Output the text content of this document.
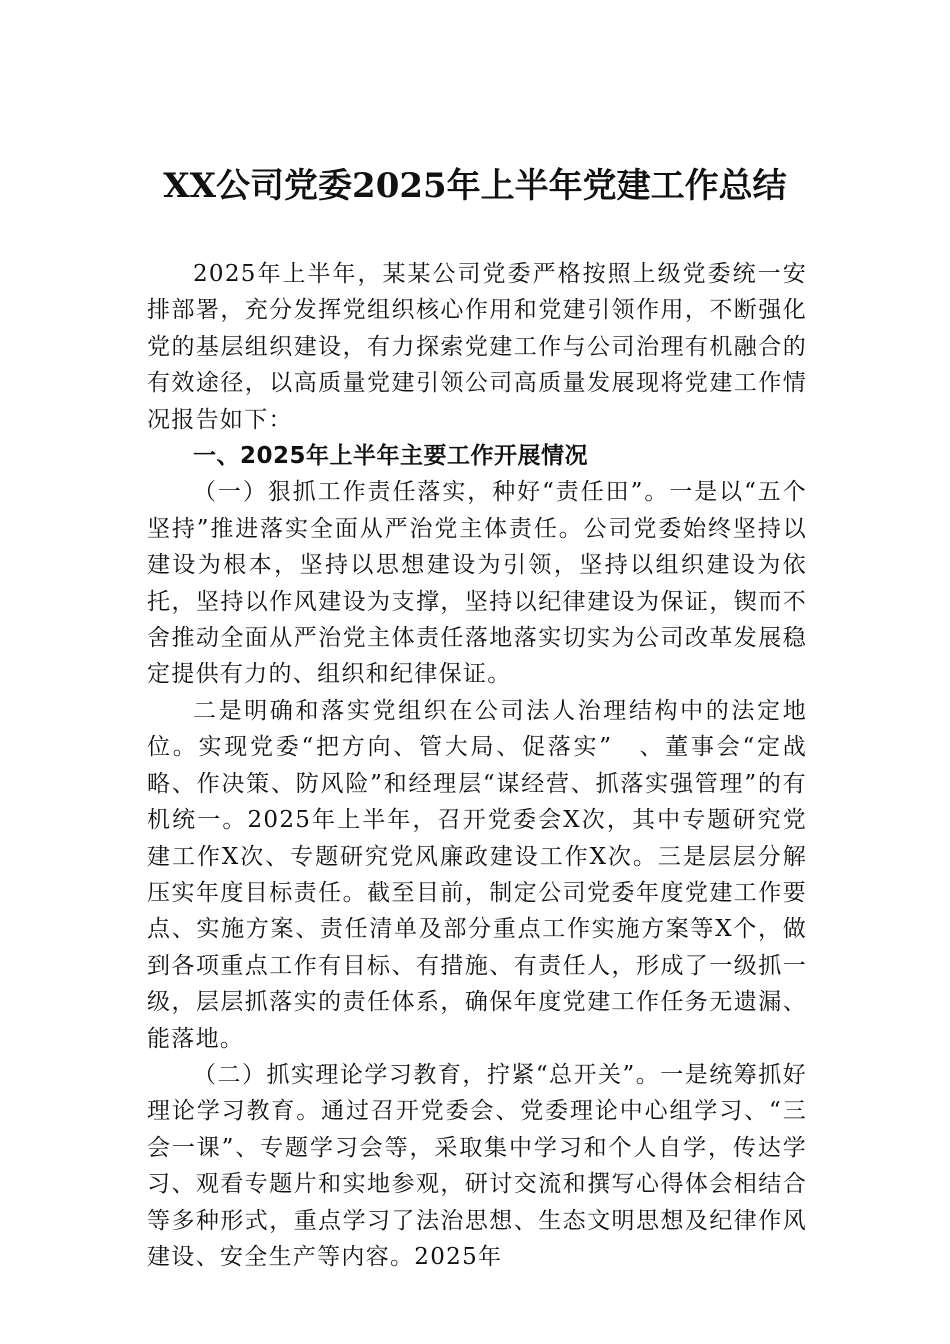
XX公司党委2025年上半年党建工作总结

2025年上半年，某某公司党委严格按照上级党委统一安排部署，充分发挥党组织核心作用和党建引领作用，不断强化党的基层组织建设，有力探索党建工作与公司治理有机融合的有效途径，以高质量党建引领公司高质量发展现将党建工作情况报告如下：

一、2025年上半年主要工作开展情况

（一）狠抓工作责任落实，种好“责任田”。一是以“五个坚持”推进落实全面从严治党主体责任。公司党委始终坚持以建设为根本，坚持以思想建设为引领，坚持以组织建设为依托，坚持以作风建设为支撑，坚持以纪律建设为保证，锲而不舍推动全面从严治党主体责任落地落实切实为公司改革发展稳定提供有力的、组织和纪律保证。

二是明确和落实党组织在公司法人治理结构中的法定地位。实现党委“把方向、管大局、促落实”　、董事会“定战略、作决策、防风险”和经理层“谋经营、抓落实强管理”的有机统一。2025年上半年，召开党委会X次，其中专题研究党建工作X次、专题研究党风廉政建设工作X次。三是层层分解压实年度目标责任。截至目前，制定公司党委年度党建工作要点、实施方案、责任清单及部分重点工作实施方案等X个，做到各项重点工作有目标、有措施、有责任人，形成了一级抓一级，层层抓落实的责任体系，确保年度党建工作任务无遗漏、能落地。

（二）抓实理论学习教育，拧紧“总开关”。一是统筹抓好理论学习教育。通过召开党委会、党委理论中心组学习、“三会一课”、专题学习会等，采取集中学习和个人自学，传达学习、观看专题片和实地参观，研讨交流和撰写心得体会相结合等多种形式，重点学习了法治思想、生态文明思想及纪律作风建设、安全生产等内容。2025年
